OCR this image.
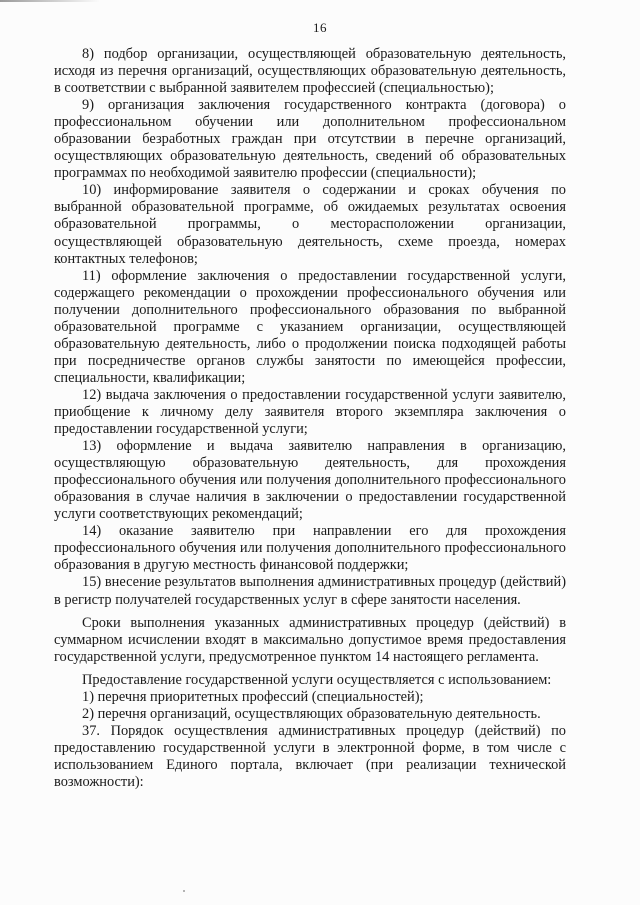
16

8) подбор организации, осуществляющей образовательную деятельность, исходя из перечня организаций, осуществляющих образовательную деятельность, в соответствии с выбранной заявителем профессией (специальностью);

9) организация заключения государственного контракта (договора) о профессиональном обучении или дополнительном профессиональном образовании безработных граждан при отсутствии в перечне организаций, осуществляющих образовательную деятельность, сведений об образовательных программах по необходимой заявителю профессии (специальности);

10) информирование заявителя о содержании и сроках обучения по выбранной образовательной программе, об ожидаемых результатах освоения образовательной программы, о месторасположении организации, осуществляющей образовательную деятельность, схеме проезда, номерах контактных телефонов;

11) оформление заключения о предоставлении государственной услуги, содержащего рекомендации о прохождении профессионального обучения или получении дополнительного профессионального образования по выбранной образовательной программе с указанием организации, осуществляющей образовательную деятельность, либо о продолжении поиска подходящей работы при посредничестве органов службы занятости по имеющейся профессии, специальности, квалификации;

12) выдача заключения о предоставлении государственной услуги заявителю, приобщение к личному делу заявителя второго экземпляра заключения о предоставлении государственной услуги;

13) оформление и выдача заявителю направления в организацию, осуществляющую образовательную деятельность, для прохождения профессионального обучения или получения дополнительного профессионального образования в случае наличия в заключении о предоставлении государственной услуги соответствующих рекомендаций;

14) оказание заявителю при направлении его для прохождения профессионального обучения или получения дополнительного профессионального образования в другую местность финансовой поддержки;

15) внесение результатов выполнения административных процедур (действий) в регистр получателей государственных услуг в сфере занятости населения.

Сроки выполнения указанных административных процедур (действий) в суммарном исчислении входят в максимально допустимое время предоставления государственной услуги, предусмотренное пунктом 14 настоящего регламента.

Предоставление государственной услуги осуществляется с использованием:

1) перечня приоритетных профессий (специальностей);

2) перечня организаций, осуществляющих образовательную деятельность.

37. Порядок осуществления административных процедур (действий) по предоставлению государственной услуги в электронной форме, в том числе с использованием Единого портала, включает (при реализации технической возможности):
